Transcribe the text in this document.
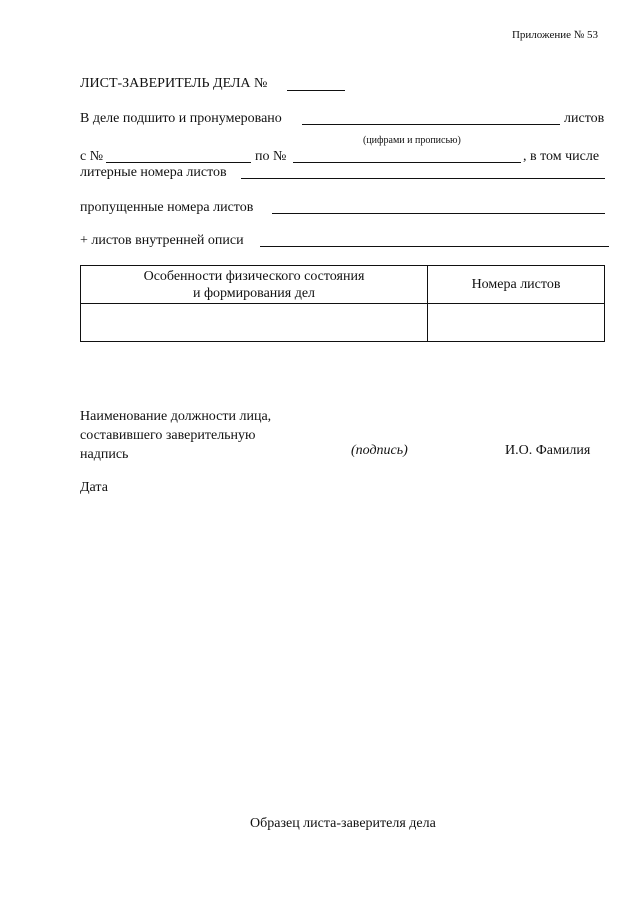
Приложение № 53
ЛИСТ-ЗАВЕРИТЕЛЬ ДЕЛА №
В деле подшито и пронумеровано	листов
(цифрами и прописью)
с №	по №	, в том числе
литерные номера листов
пропущенные номера листов
+ листов внутренней описи
Особенности физического состояния
и формирования дел	Номера листов

Наименование должности лица,
составившего заверительную
надпись	(подпись)	И.О. Фамилия
Дата
Образец листа-заверителя дела
